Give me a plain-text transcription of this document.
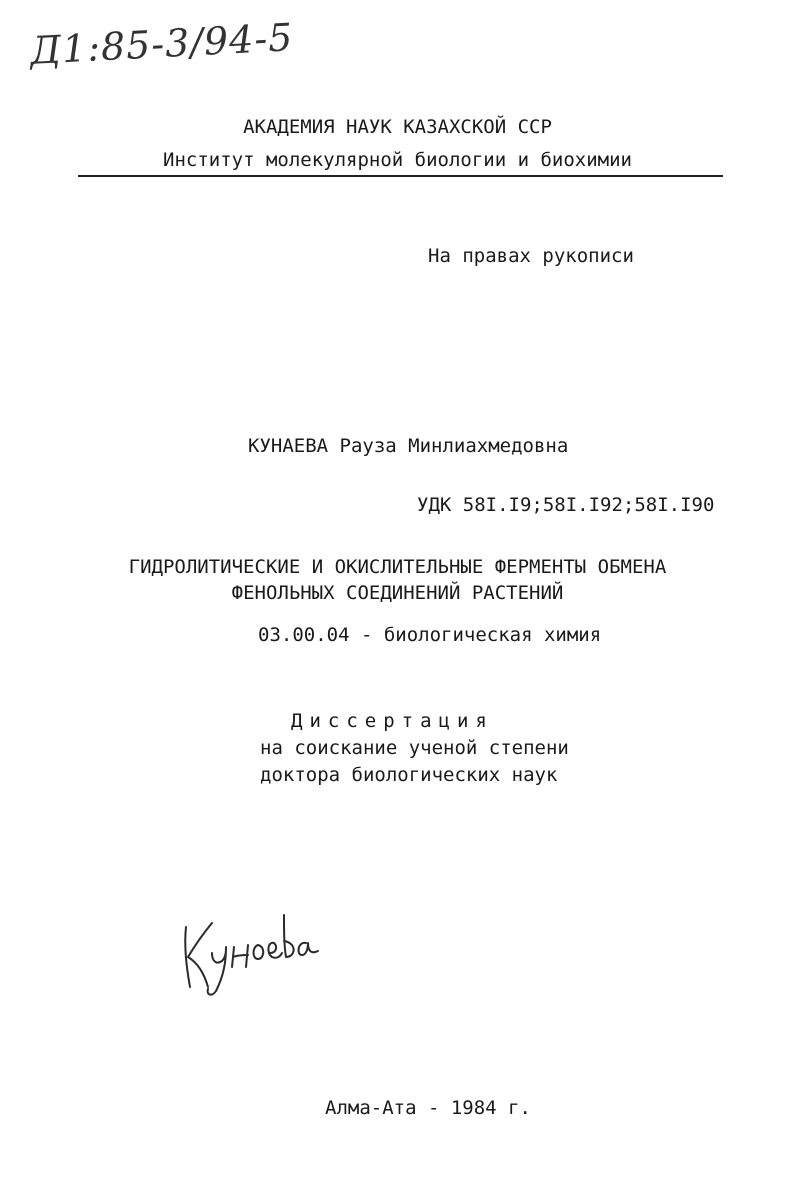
Д1:85-3/94-5
АКАДЕМИЯ НАУК КАЗАХСКОЙ ССР
Институт молекулярной биологии и биохимии
На правах рукописи
КУНАЕВА Рауза Минлиахмедовна
УДК 58I.I9;58I.I92;58I.I90
ГИДРОЛИТИЧЕСКИЕ И ОКИСЛИТЕЛЬНЫЕ ФЕРМЕНТЫ ОБМЕНА
ФЕНОЛЬНЫХ СОЕДИНЕНИЙ РАСТЕНИЙ
03.00.04 - биологическая химия
Диссертация
на соискание ученой степени
доктора биологических наук
Алма-Ата - 1984 г.
